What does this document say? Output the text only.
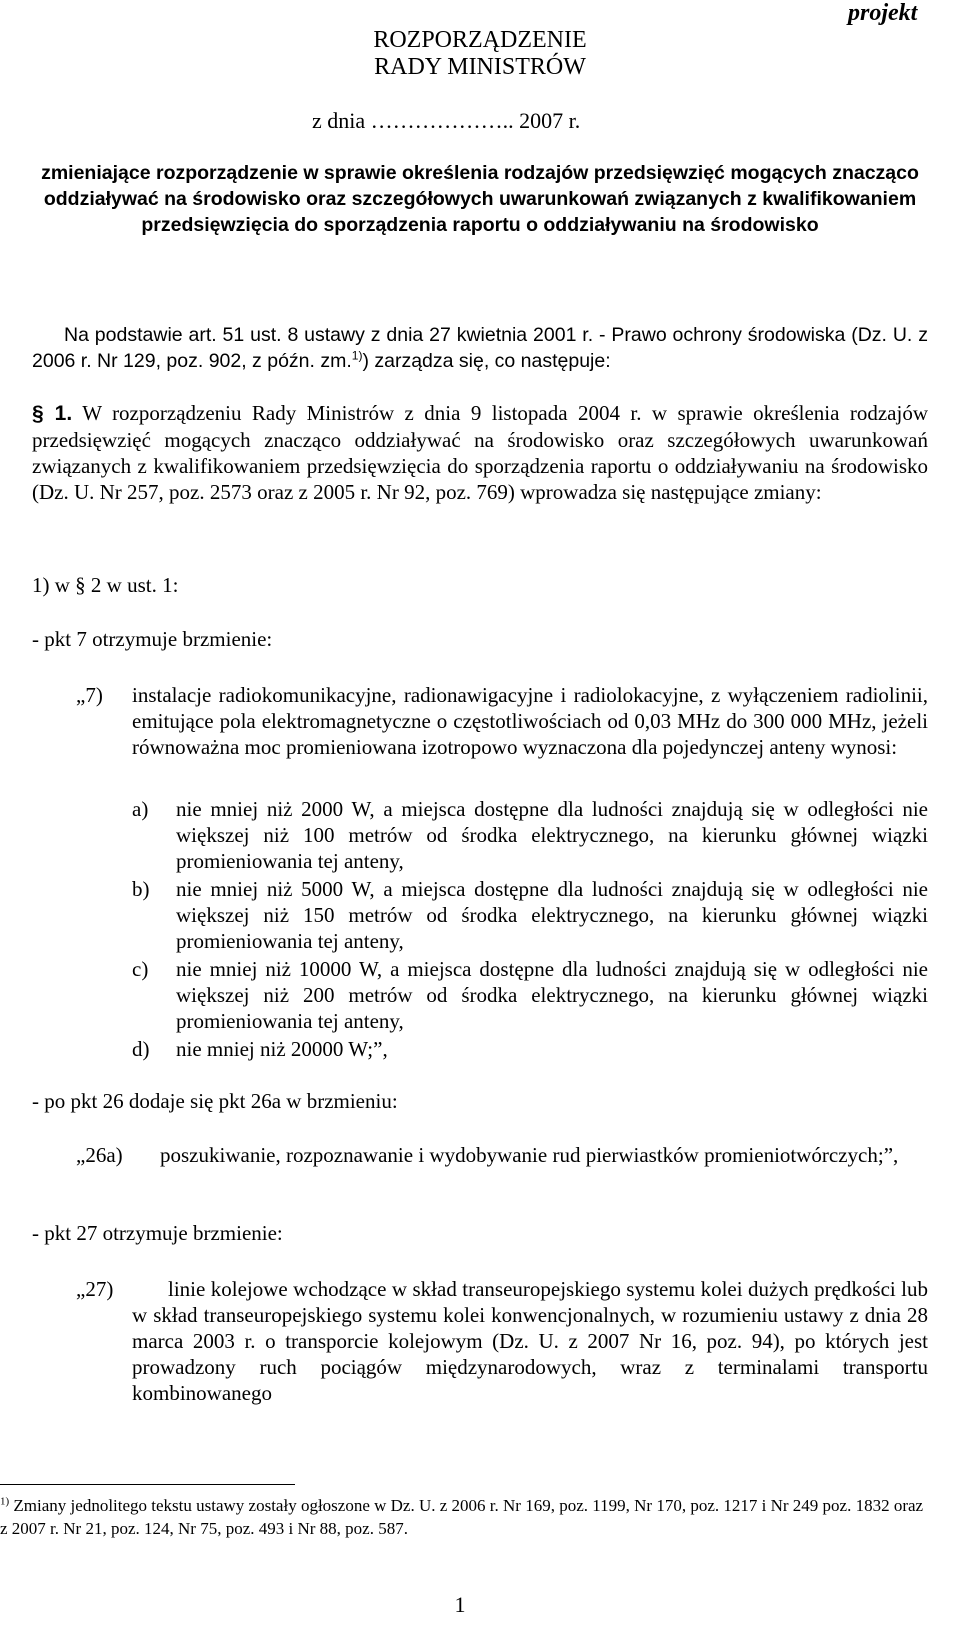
projekt
ROZPORZĄDZENIE
RADY MINISTRÓW
z dnia ……………….. 2007 r.
zmieniające rozporządzenie w sprawie określenia rodzajów przedsięwzięć mogących znacząco oddziaływać na środowisko oraz szczegółowych uwarunkowań związanych z kwalifikowaniem przedsięwzięcia do sporządzenia raportu o oddziaływaniu na środowisko
Na podstawie art. 51 ust. 8 ustawy z dnia 27 kwietnia 2001 r. - Prawo ochrony środowiska (Dz. U. z 2006 r. Nr 129, poz. 902, z późn. zm.$^{1)}$) zarządza się, co następuje:
§ 1. W rozporządzeniu Rady Ministrów z dnia 9 listopada 2004 r. w sprawie określenia rodzajów przedsięwzięć mogących znacząco oddziaływać na środowisko oraz szczegółowych uwarunkowań związanych z kwalifikowaniem przedsięwzięcia do sporządzenia raportu o oddziaływaniu na środowisko (Dz. U. Nr 257, poz. 2573 oraz z 2005 r. Nr 92, poz. 769) wprowadza się następujące zmiany:
1) w § 2 w ust. 1:
- pkt 7 otrzymuje brzmienie:
„7) instalacje radiokomunikacyjne, radionawigacyjne i radiolokacyjne, z wyłączeniem radiolinii, emitujące pola elektromagnetyczne o częstotliwościach od 0,03 MHz do 300 000 MHz, jeżeli równoważna moc promieniowana izotropowo wyznaczona dla pojedynczej anteny wynosi:
a) nie mniej niż 2000 W, a miejsca dostępne dla ludności znajdują się w odległości nie większej niż 100 metrów od środka elektrycznego, na kierunku głównej wiązki promieniowania tej anteny,
b) nie mniej niż 5000 W, a miejsca dostępne dla ludności znajdują się w odległości nie większej niż 150 metrów od środka elektrycznego, na kierunku głównej wiązki promieniowania tej anteny,
c) nie mniej niż 10000 W, a miejsca dostępne dla ludności znajdują się w odległości nie większej niż 200 metrów od środka elektrycznego, na kierunku głównej wiązki promieniowania tej anteny,
d) nie mniej niż 20000 W;”,
- po pkt 26 dodaje się pkt 26a w brzmieniu:
„26a) poszukiwanie, rozpoznawanie i wydobywanie rud pierwiastków promieniotwórczych;”,
- pkt 27 otrzymuje brzmienie:
„27)	linie kolejowe wchodzące w skład transeuropejskiego systemu kolei dużych prędkości lub w skład transeuropejskiego systemu kolei konwencjonalnych, w rozumieniu ustawy z dnia 28 marca 2003 r. o transporcie kolejowym (Dz. U. z 2007 Nr 16, poz. 94), po których jest prowadzony ruch pociągów międzynarodowych, wraz z terminalami transportu kombinowanego
$^{1)}$ Zmiany jednolitego tekstu ustawy zostały ogłoszone w Dz. U. z 2006 r. Nr 169, poz. 1199, Nr 170, poz. 1217 i Nr 249 poz. 1832 oraz z 2007 r. Nr 21, poz. 124, Nr 75, poz. 493 i Nr 88, poz. 587.
1
